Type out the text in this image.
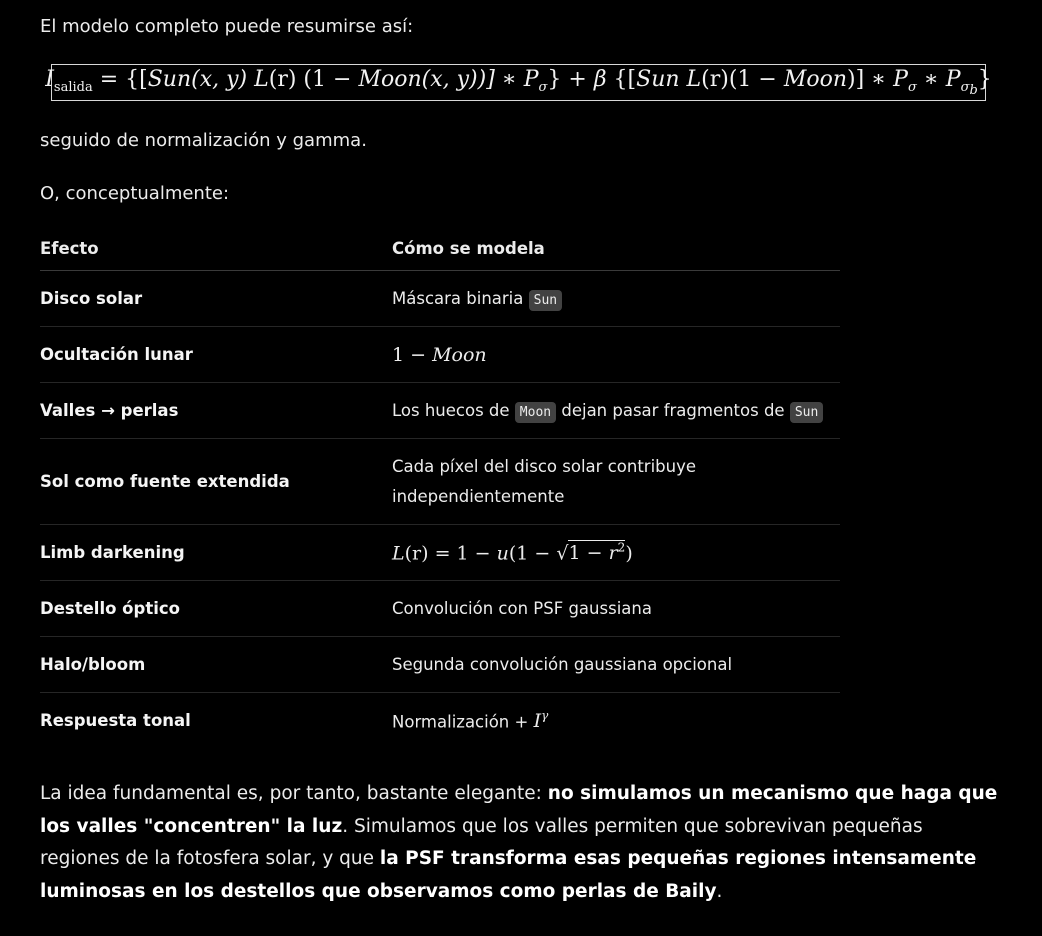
El modelo completo puede resumirse así:
$I_{salida} = \{[Sun(x$, y) L(r) (1 − Moon(x, y))] ∗ $P_\sigma\} + \beta$ {[Sun L(r)(1 − Moon)] ∗ $P_\sigma$ ∗ $P_{\sigma_b}$}
seguido de normalización y gamma.
O, conceptualmente:
Efecto	Cómo se modela
Disco solar	Máscara binaria Sun
Ocultación lunar	1 − Moon
Valles → perlas	Los huecos de Moon dejan pasar fragmentos de Sun
Sol como fuente extendida	Cada píxel del disco solar contribuye
independientemente
Limb darkening	$L(r) = 1 - u(1 - √1 - r^2)$
Destello óptico	Convolución con PSF gaussiana
Halo/bloom	Segunda convolución gaussiana opcional
Respuesta tonal	Normalización + $I^\gamma$
La idea fundamental es, por tanto, bastante elegante: no simulamos un mecanismo que haga que los valles "concentren" la luz. Simulamos que los valles permiten que sobrevivan pequeñas regiones de la fotosfera solar, y que la PSF transforma esas pequeñas regiones intensamente luminosas en los destellos que observamos como perlas de Baily.
